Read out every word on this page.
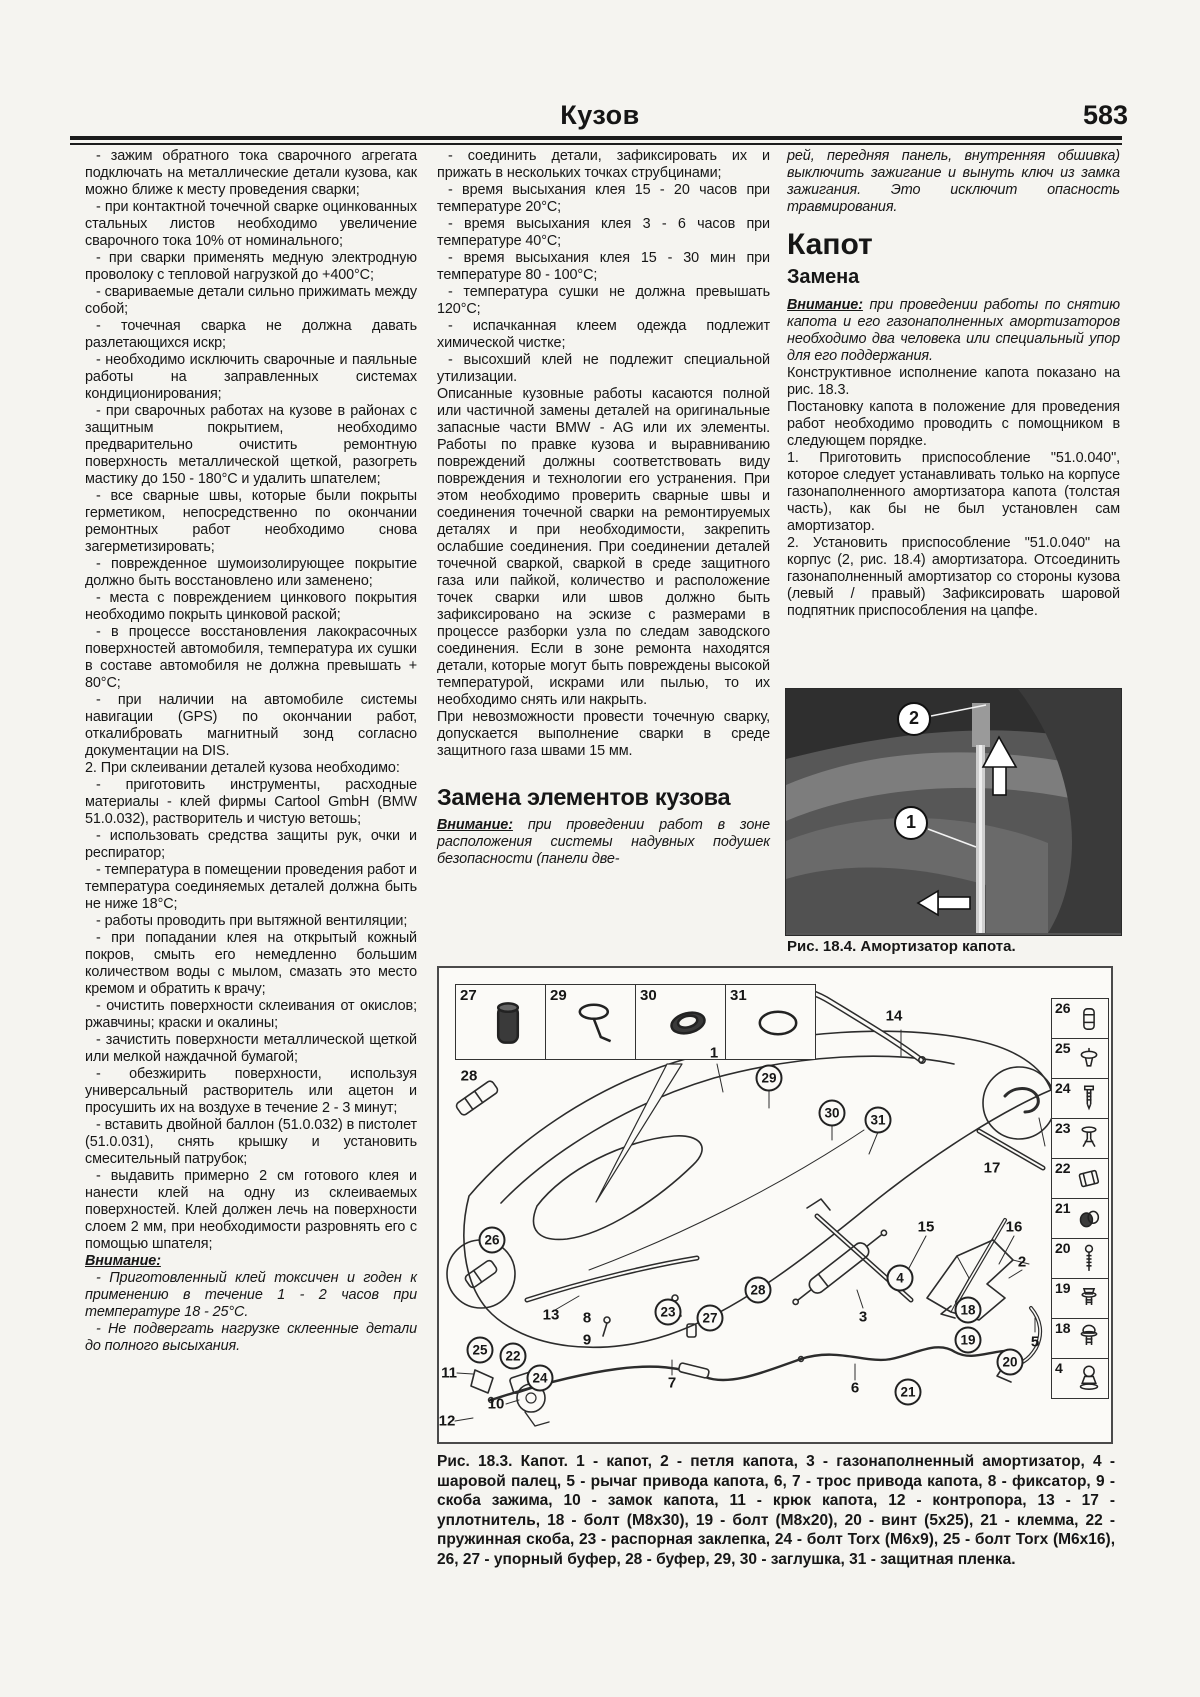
Кузов	583

- зажим обратного тока сварочного агрегата подключать на металлические детали кузова, как можно ближе к месту проведения сварки;

- при контактной точечной сварке оцинкованных стальных листов необходимо увеличение сварочного тока 10% от номинального;

- при сварки применять медную электродную проволоку с тепловой нагрузкой до +400°С;

- свариваемые детали сильно прижимать между собой;

- точечная сварка не должна давать разлетающихся искр;

- необходимо исключить сварочные и паяльные работы на заправленных системах кондиционирования;

- при сварочных работах на кузове в районах с защитным покрытием, необходимо предварительно очистить ремонтную поверхность металлической щеткой, разогреть мастику до 150 - 180°С и удалить шпателем;

- все сварные швы, которые были покрыты герметиком, непосредственно по окончании ремонтных работ необходимо снова загерметизировать;

- поврежденное шумоизолирующее покрытие должно быть восстановлено или заменено;

- места с повреждением цинкового покрытия необходимо покрыть цинковой раской;

- в процессе восстановления лакокрасочных поверхностей автомобиля, температура их сушки в составе автомобиля не должна превышать + 80°С;

- при наличии на автомобиле системы навигации (GPS) по окончании работ, откалибровать магнитный зонд согласно документации на DIS.

2. При склеивании деталей кузова необходимо:

- приготовить инструменты, расходные материалы - клей фирмы Cartool GmbH (BMW 51.0.032), растворитель и чистую ветошь;

- использовать средства защиты рук, очки и респиратор;

- температура в помещении проведения работ и температура соединяемых деталей должна быть не ниже 18°С;

- работы проводить при вытяжной вентиляции;

- при попадании клея на открытый кожный покров, смыть его немедленно большим количеством воды с мылом, смазать это место кремом и обратить к врачу;

- очистить поверхности склеивания от окислов; ржавчины; краски и окалины;

- зачистить поверхности металлической щеткой или мелкой наждачной бумагой;

- обезжирить поверхности, используя универсальный растворитель или ацетон и просушить их на воздухе в течение 2 - 3 минут;

- вставить двойной баллон (51.0.032) в пистолет (51.0.031), снять крышку и установить смесительный патрубок;

- выдавить примерно 2 см готового клея и нанести клей на одну из склеиваемых поверхностей. Клей должен лечь на поверхности слоем 2 мм, при необходимости разровнять его с помощью шпателя;

Внимание:

- Приготовленный клей токсичен и годен к применению в течение 1 - 2 часов при температуре 18 - 25°С.

- Не подвергать нагрузке склеенные детали до полного высыхания.

- соединить детали, зафиксировать их и прижать в нескольких точках струбцинами;

- время высыхания клея 15 - 20 часов при температуре 20°С;

- время высыхания клея 3 - 6 часов при температуре 40°С;

- время высыхания клея 15 - 30 мин при температуре 80 - 100°С;

- температура сушки не должна превышать 120°С;

- испачканная клеем одежда подлежит химической чистке;

- высохший клей не подлежит специальной утилизации.

Описанные кузовные работы касаются полной или частичной замены деталей на оригинальные запасные части BMW - AG или их элементы. Работы по правке кузова и выравниванию повреждений должны соответствовать виду повреждения и технологии его устранения. При этом необходимо проверить сварные швы и соединения точечной сварки на ремонтируемых деталях и при необходимости, закрепить ослабшие соединения. При соединении деталей точечной сваркой, сваркой в среде защитного газа или пайкой, количество и расположение точек сварки или швов должно быть зафиксировано на эскизе с размерами в процессе разборки узла по следам заводского соединения. Если в зоне ремонта находятся детали, которые могут быть повреждены высокой температурой, искрами или пылью, то их необходимо снять или накрыть.

При невозможности провести точечную сварку, допускается выполнение сварки в среде защитного газа швами 15 мм.

Замена элементов кузова

Внимание: при проведении работ в зоне расположения системы надувных подушек безопасности (панели две-

рей, передняя панель, внутренняя обшивка) выключить зажигание и вынуть ключ из замка зажигания. Это исключит опасность травмирования.

Капот

Замена

Внимание: при проведении работы по снятию капота и его газонаполненных амортизаторов необходимо два человека или специальный упор для его поддержания.

Конструктивное исполнение капота показано на рис. 18.3.

Постановку капота в положение для проведения работ необходимо проводить с помощником в следующем порядке.

1. Приготовить приспособление "51.0.040", которое следует устанавливать только на корпусе газонаполненного амортизатора капота (толстая часть), как бы не был установлен сам амортизатор.

2. Установить приспособление "51.0.040" на корпус (2, рис. 18.4) амортизатора. Отсоединить газонаполненный амортизатор со стороны кузова (левый / правый) Зафиксировать шаровой подпятник приспособления на цапфе.

2
1
Рис. 18.4. Амортизатор капота.
27	29	30	31
26
25
24
23
22
21
20
19
18
4
28
1
14
29
30	31
17
15	16
26
13
28
27
23	3
4
2
18
19
20
5
21
6
7
25	22
24
8
9
11
10
12
Рис. 18.3. Капот. 1 - капот, 2 - петля капота, 3 - газонаполненный амортизатор, 4 - шаровой палец, 5 - рычаг привода капота, 6, 7 - трос привода капота, 8 - фиксатор, 9 - скоба зажима, 10 - замок капота, 11 - крюк капота, 12 - контропора, 13 - 17 - уплотнитель, 18 - болт (М8х30), 19 - болт (М8х20), 20 - винт (5х25), 21 - клемма, 22 - пружинная скоба, 23 - распорная заклепка, 24 - болт Torx (М6х9), 25 - болт Torx (М6х16), 26, 27 - упорный буфер, 28 - буфер, 29, 30 - заглушка, 31 - защитная пленка.
